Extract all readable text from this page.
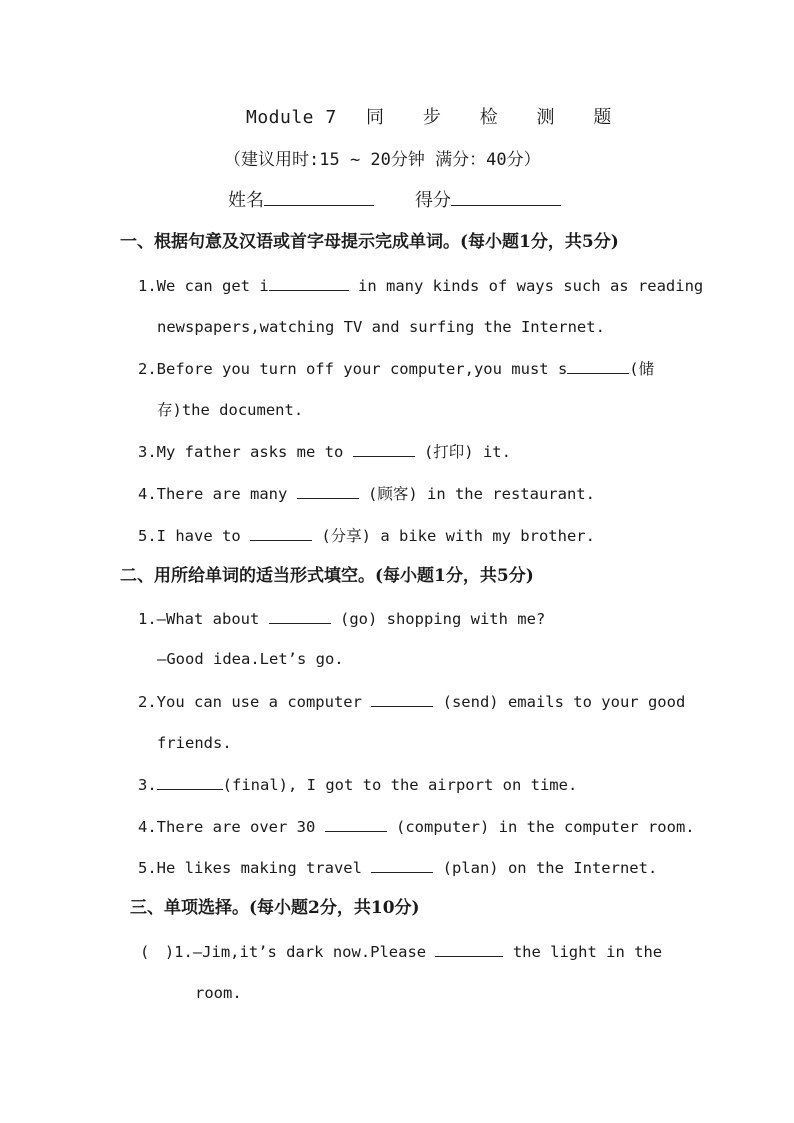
Module 7 同 步 检 测 题
（建议用时:15 ~ 20分钟 满分：40分）
姓名	得分
一、根据句意及汉语或首字母提示完成单词。(每小题1分，共5分)
1.We can get i	in many kinds of ways such as reading
newspapers,watching TV and surfing the Internet.
2.Before you turn off your computer,you must s	(储
存)the document.
3.My father asks me to	(打印) it.
4.There are many	(顾客) in the restaurant.
5.I have to	(分享) a bike with my brother.
二、用所给单词的适当形式填空。(每小题1分，共5分)
1.—What about	(go) shopping with me?
—Good idea.Let’s go.
2.You can use a computer	(send) emails to your good
friends.
3.	(final), I got to the airport on time.
4.There are over 30	(computer) in the computer room.
5.He likes making travel	(plan) on the Internet.
三、单项选择。(每小题2分，共10分)
(　)1.—Jim,it’s dark now.Please	the light in the
room.
